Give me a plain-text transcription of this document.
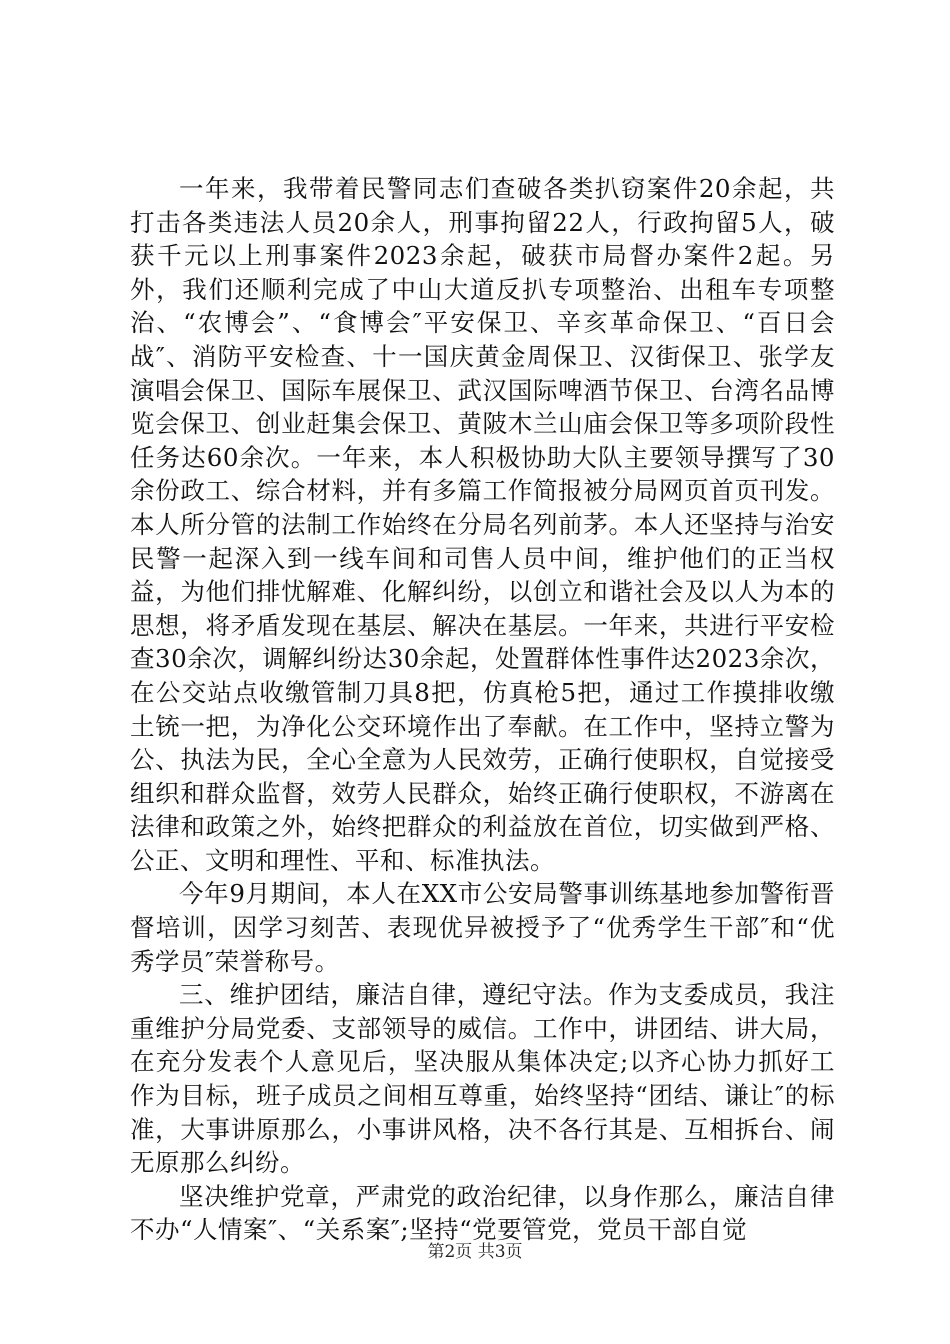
一年来，我带着民警同志们查破各类扒窃案件20余起，共打击各类违法人员20余人，刑事拘留22人，行政拘留5人，破获千元以上刑事案件2023余起，破获市局督办案件2起。另外，我们还顺利完成了中山大道反扒专项整治、出租车专项整治、“农博会”、“食博会″平安保卫、辛亥革命保卫、“百日会战″、消防平安检查、十一国庆黄金周保卫、汉街保卫、张学友演唱会保卫、国际车展保卫、武汉国际啤酒节保卫、台湾名品博览会保卫、创业赶集会保卫、黄陂木兰山庙会保卫等多项阶段性任务达60余次。一年来，本人积极协助大队主要领导撰写了30余份政工、综合材料，并有多篇工作简报被分局网页首页刊发。本人所分管的法制工作始终在分局名列前茅。本人还坚持与治安民警一起深入到一线车间和司售人员中间，维护他们的正当权益，为他们排忧解难、化解纠纷，以创立和谐社会及以人为本的思想，将矛盾发现在基层、解决在基层。一年来，共进行平安检查30余次，调解纠纷达30余起，处置群体性事件达2023余次，在公交站点收缴管制刀具8把，仿真枪5把，通过工作摸排收缴土铳一把，为净化公交环境作出了奉献。在工作中，坚持立警为公、执法为民，全心全意为人民效劳，正确行使职权，自觉接受组织和群众监督，效劳人民群众，始终正确行使职权，不游离在法律和政策之外，始终把群众的利益放在首位，切实做到严格、公正、文明和理性、平和、标准执法。

今年9月期间，本人在XX市公安局警事训练基地参加警衔晋督培训，因学习刻苦、表现优异被授予了“优秀学生干部″和“优秀学员″荣誉称号。

三、维护团结，廉洁自律，遵纪守法。作为支委成员，我注重维护分局党委、支部领导的威信。工作中，讲团结、讲大局，在充分发表个人意见后，坚决服从集体决定;以齐心协力抓好工作为目标，班子成员之间相互尊重，始终坚持“团结、谦让″的标准，大事讲原那么，小事讲风格，决不各行其是、互相拆台、闹无原那么纠纷。

坚决维护党章，严肃党的政治纪律，以身作那么，廉洁自律不办“人情案″、“关系案″;坚持“党要管党，党员干部自觉

第2页 共3页
